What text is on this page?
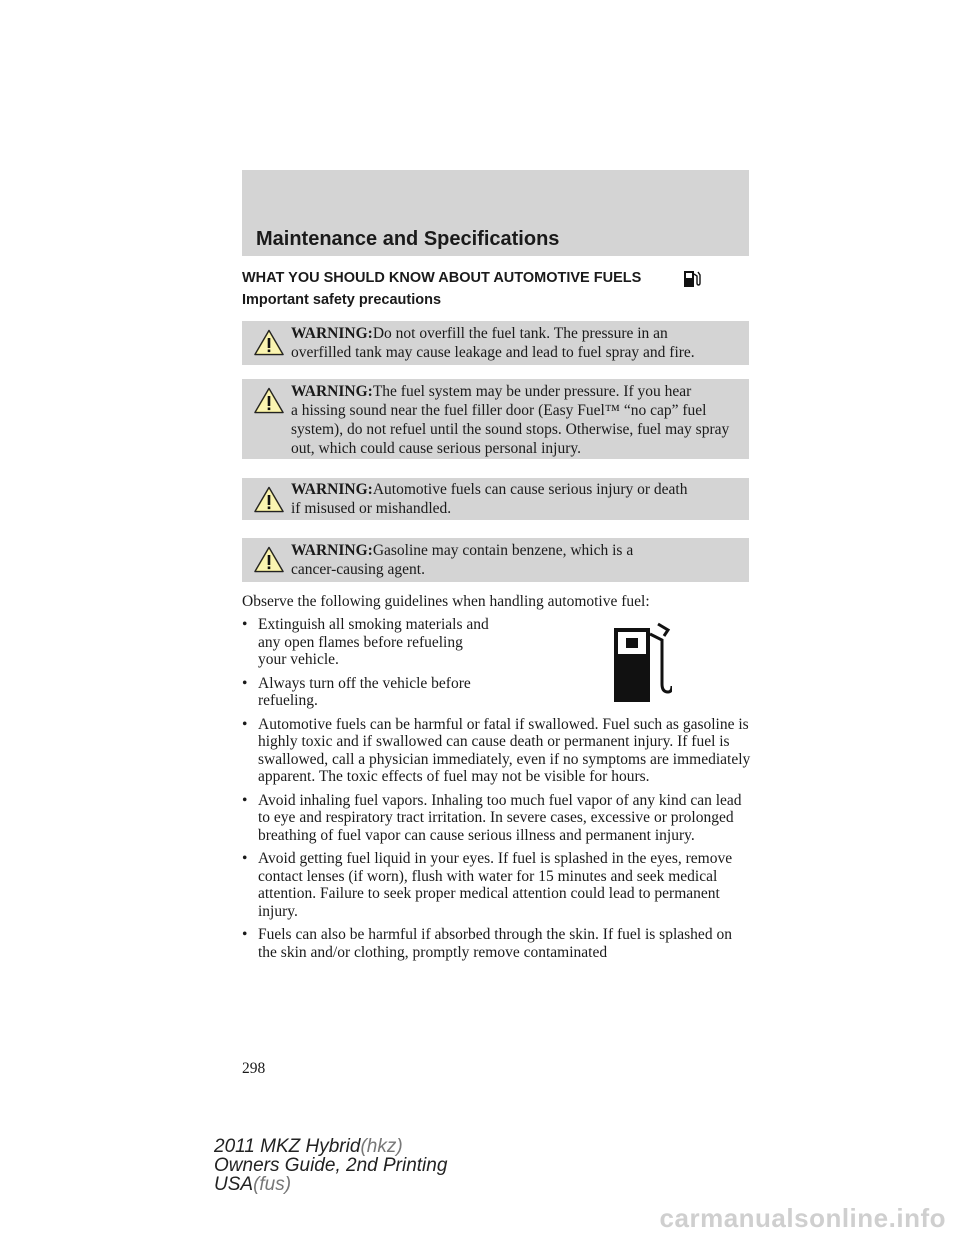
Maintenance and Specifications
WHAT YOU SHOULD KNOW ABOUT AUTOMOTIVE FUELS
Important safety precautions

WARNING:Do not overfill the fuel tank. The pressure in an
overfilled tank may cause leakage and lead to fuel spray and fire.

WARNING:The fuel system may be under pressure. If you hear

a hissing sound near the fuel filler door (Easy Fuel™ “no cap” fuel system), do not refuel until the sound stops. Otherwise, fuel may spray out, which could cause serious personal injury.

WARNING:Automotive fuels can cause serious injury or death
if misused or mishandled.

WARNING:Gasoline may contain benzene, which is a
cancer-causing agent.

Observe the following guidelines when handling automotive fuel:

• Extinguish all smoking materials and any open flames before refueling your vehicle.
• Always turn off the vehicle before refueling.
• Automotive fuels can be harmful or fatal if swallowed. Fuel such as gasoline is highly toxic and if swallowed can cause death or permanent injury. If fuel is swallowed, call a physician immediately, even if no symptoms are immediately apparent. The toxic effects of fuel may not be visible for hours.
• Avoid inhaling fuel vapors. Inhaling too much fuel vapor of any kind can lead to eye and respiratory tract irritation. In severe cases, excessive or prolonged breathing of fuel vapor can cause serious illness and permanent injury.
• Avoid getting fuel liquid in your eyes. If fuel is splashed in the eyes, remove contact lenses (if worn), flush with water for 15 minutes and seek medical attention. Failure to seek proper medical attention could lead to permanent injury.
• Fuels can also be harmful if absorbed through the skin. If fuel is splashed on the skin and/or clothing, promptly remove contaminated

298

2011 MKZ Hybrid(hkz)
Owners Guide, 2nd Printing
USA(fus)
carmanualsonline.info
